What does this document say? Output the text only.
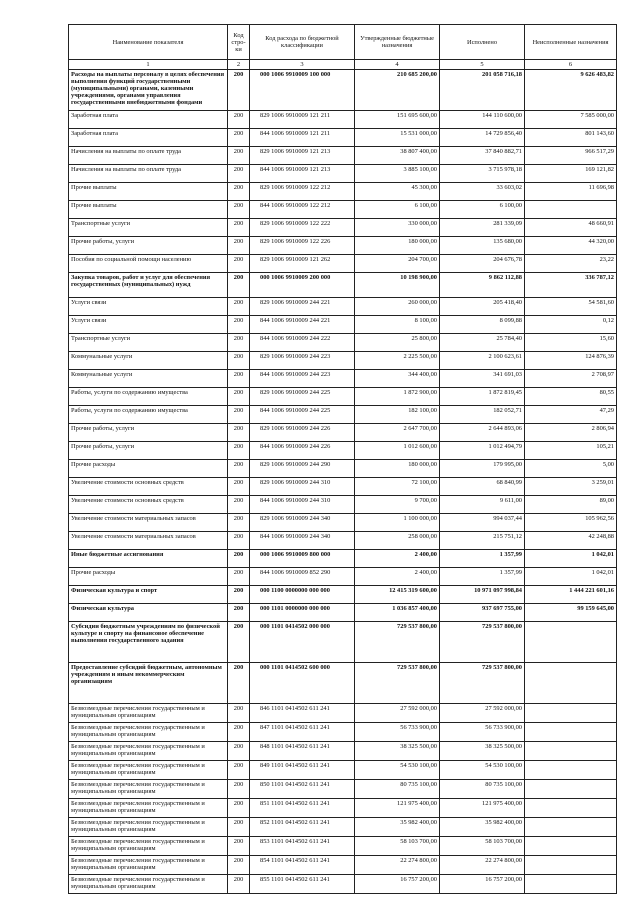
Наименование показателя	Код стро-ки	Код расхода по бюджетной классификации	Утвержденные бюджетные назначения	Исполнено	Неисполненные назначения
1	2	3	4	5	6
Расходы на выплаты персоналу в целях обеспечения выполнения функций государственными (муниципальными) органами, казенными учреждениями, органами управления государственными внебюджетными фондами	200	000 1006 9910009 100 000	210 685 200,00	201 058 716,18	9 626 483,82
Заработная плата	200	829 1006 9910009 121 211	151 695 600,00	144 110 600,00	7 585 000,00
Заработная плата	200	844 1006 9910009 121 211	15 531 000,00	14 729 856,40	801 143,60
Начисления на выплаты по оплате труда	200	829 1006 9910009 121 213	38 807 400,00	37 840 882,71	966 517,29
Начисления на выплаты по оплате труда	200	844 1006 9910009 121 213	3 885 100,00	3 715 978,18	169 121,82
Прочие выплаты	200	829 1006 9910009 122 212	45 300,00	33 603,02	11 696,98
Прочие выплаты	200	844 1006 9910009 122 212	6 100,00	6 100,00	
Транспортные услуги	200	829 1006 9910009 122 222	330 000,00	281 339,09	48 660,91
Прочие работы, услуги	200	829 1006 9910009 122 226	180 000,00	135 680,00	44 320,00
Пособия по социальной помощи населению	200	829 1006 9910009 121 262	204 700,00	204 676,78	23,22
Закупка товаров, работ и услуг для обеспечения государственных (муниципальных) нужд	200	000 1006 9910009 200 000	10 198 900,00	9 862 112,88	336 787,12
Услуги связи	200	829 1006 9910009 244 221	260 000,00	205 418,40	54 581,60
Услуги связи	200	844 1006 9910009 244 221	8 100,00	8 099,88	0,12
Транспортные услуги	200	844 1006 9910009 244 222	25 800,00	25 784,40	15,60
Коммунальные услуги	200	829 1006 9910009 244 223	2 225 500,00	2 100 623,61	124 876,39
Коммунальные услуги	200	844 1006 9910009 244 223	344 400,00	341 691,03	2 708,97
Работы, услуги по содержанию имущества	200	829 1006 9910009 244 225	1 872 900,00	1 872 819,45	80,55
Работы, услуги по содержанию имущества	200	844 1006 9910009 244 225	182 100,00	182 052,71	47,29
Прочие работы, услуги	200	829 1006 9910009 244 226	2 647 700,00	2 644 893,06	2 806,94
Прочие работы, услуги	200	844 1006 9910009 244 226	1 012 600,00	1 012 494,79	105,21
Прочие расходы	200	829 1006 9910009 244 290	180 000,00	179 995,00	5,00
Увеличение стоимости основных средств	200	829 1006 9910009 244 310	72 100,00	68 840,99	3 259,01
Увеличение стоимости основных средств	200	844 1006 9910009 244 310	9 700,00	9 611,00	89,00
Увеличение стоимости материальных запасов	200	829 1006 9910009 244 340	1 100 000,00	994 037,44	105 962,56
Увеличение стоимости материальных запасов	200	844 1006 9910009 244 340	258 000,00	215 751,12	42 248,88
Иные бюджетные ассигнования	200	000 1006 9910009 800 000	2 400,00	1 357,99	1 042,01
Прочие расходы	200	844 1006 9910009 852 290	2 400,00	1 357,99	1 042,01
Физическая культура и спорт	200	000 1100 0000000 000 000	12 415 319 600,00	10 971 097 998,84	1 444 221 601,16
Физическая культура	200	000 1101 0000000 000 000	1 036 857 400,00	937 697 755,00	99 159 645,00
Субсидии бюджетным учреждениям по физической культуре и спорту на финансовое обеспечение выполнения государственного задания	200	000 1101 0414502 000 000	729 537 800,00	729 537 800,00	
Предоставление субсидий бюджетным, автономным учреждениям и иным некоммерческим организациям	200	000 1101 0414502 600 000	729 537 800,00	729 537 800,00	
Безвозмездные перечисления государственным и муниципальным организациям	200	846 1101 0414502 611 241	27 592 000,00	27 592 000,00	
Безвозмездные перечисления государственным и муниципальным организациям	200	847 1101 0414502 611 241	56 733 900,00	56 733 900,00	
Безвозмездные перечисления государственным и муниципальным организациям	200	848 1101 0414502 611 241	38 325 500,00	38 325 500,00	
Безвозмездные перечисления государственным и муниципальным организациям	200	849 1101 0414502 611 241	54 530 100,00	54 530 100,00	
Безвозмездные перечисления государственным и муниципальным организациям	200	850 1101 0414502 611 241	80 735 100,00	80 735 100,00	
Безвозмездные перечисления государственным и муниципальным организациям	200	851 1101 0414502 611 241	121 975 400,00	121 975 400,00	
Безвозмездные перечисления государственным и муниципальным организациям	200	852 1101 0414502 611 241	35 982 400,00	35 982 400,00	
Безвозмездные перечисления государственным и муниципальным организациям	200	853 1101 0414502 611 241	58 103 700,00	58 103 700,00	
Безвозмездные перечисления государственным и муниципальным организациям	200	854 1101 0414502 611 241	22 274 800,00	22 274 800,00	
Безвозмездные перечисления государственным и муниципальным организациям	200	855 1101 0414502 611 241	16 757 200,00	16 757 200,00	
